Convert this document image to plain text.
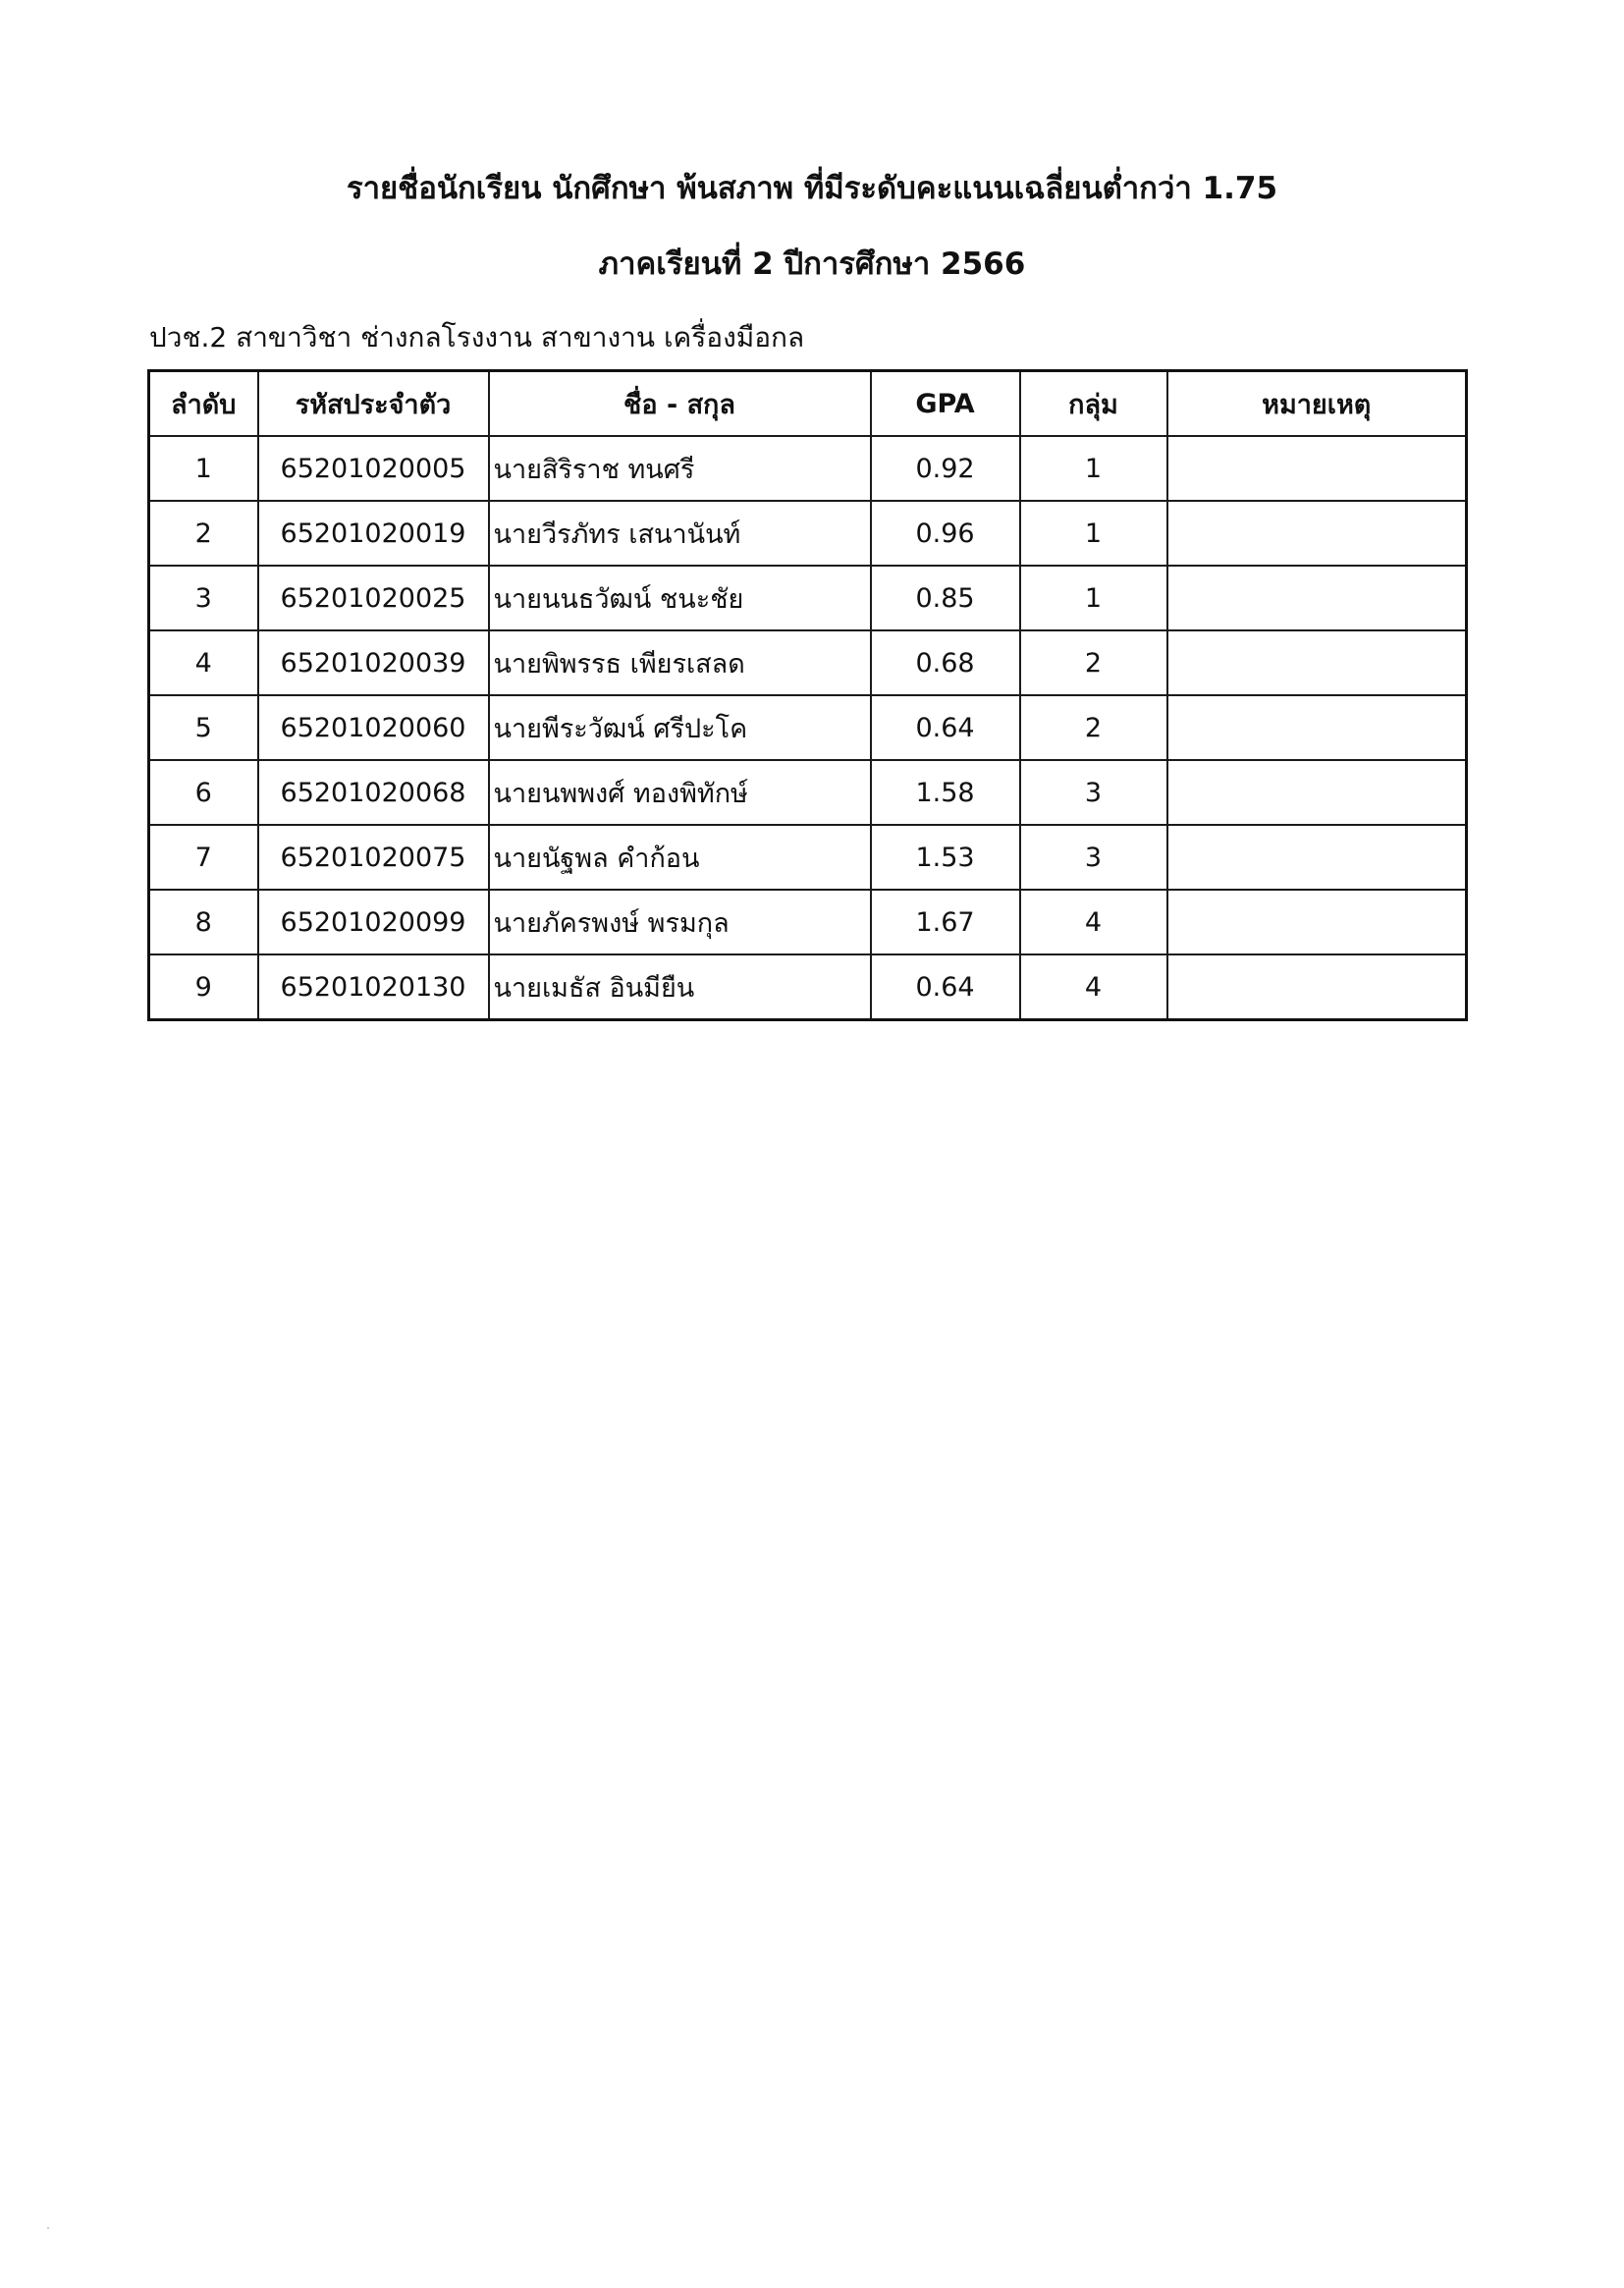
รายชื่อนักเรียน นักศึกษา พ้นสภาพ ที่มีระดับคะแนนเฉลี่ยนต่ำกว่า 1.75
ภาคเรียนที่ 2 ปีการศึกษา 2566
ปวช.2 สาขาวิชา ช่างกลโรงงาน สาขางาน เครื่องมือกล
ลำดับ	รหัสประจำตัว	ชื่อ - สกุล	GPA	กลุ่ม	หมายเหตุ
1	65201020005	นายสิริราช ทนศรี	0.92	1	
2	65201020019	นายวีรภัทร เสนานันท์	0.96	1	
3	65201020025	นายนนธวัฒน์ ชนะชัย	0.85	1	
4	65201020039	นายพิพรรธ เพียรเสลด	0.68	2	
5	65201020060	นายพีระวัฒน์ ศรีปะโค	0.64	2	
6	65201020068	นายนพพงศ์ ทองพิทักษ์	1.58	3	
7	65201020075	นายนัฐพล คำก้อน	1.53	3	
8	65201020099	นายภัครพงษ์ พรมกุล	1.67	4	
9	65201020130	นายเมธัส อินมียืน	0.64	4	
